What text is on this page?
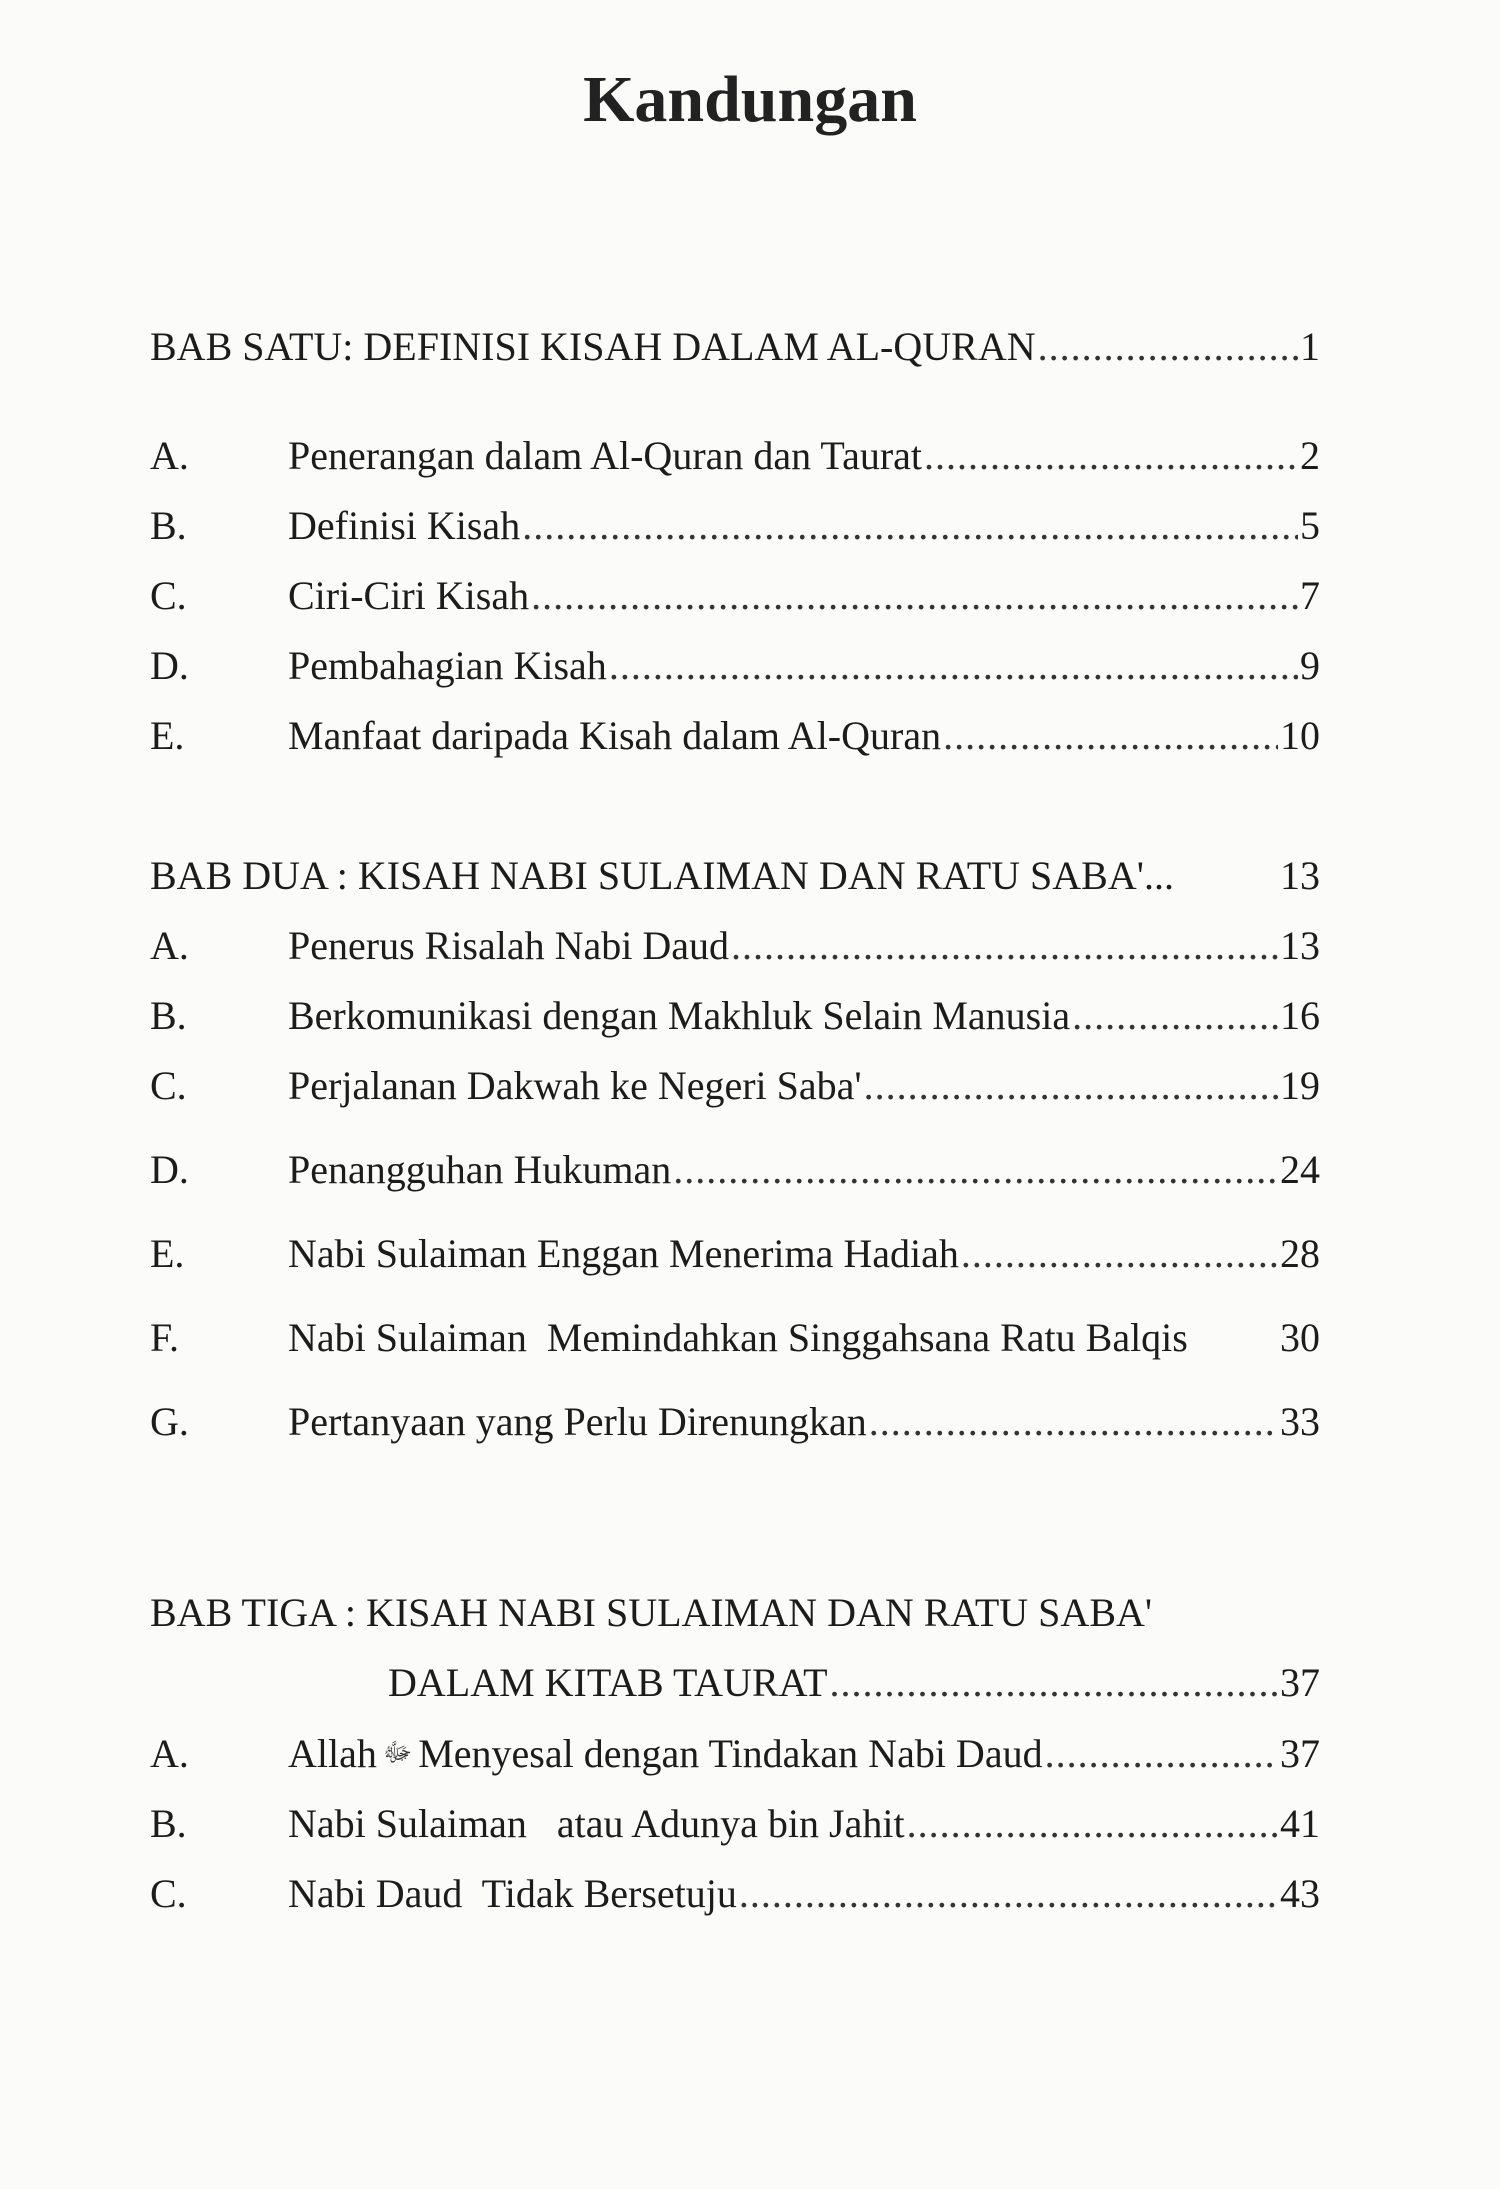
Kandungan
BAB SATU: DEFINISI KISAH DALAM AL-QURAN .....	1
A.	Penerangan dalam Al-Quran dan Taurat .....	2
B.	Definisi Kisah .....	5
C.	Ciri-Ciri Kisah .....	7
D.	Pembahagian Kisah .....	9
E.	Manfaat daripada Kisah dalam Al-Quran .....	10
BAB DUA : KISAH NABI SULAIMAN DAN RATU SABA'...	13
A.	Penerus Risalah Nabi Daud .....	13
B.	Berkomunikasi dengan Makhluk Selain Manusia .....	16
C.	Perjalanan Dakwah ke Negeri Saba' .....	19
D.	Penangguhan Hukuman .....	24
E.	Nabi Sulaiman Enggan Menerima Hadiah .....	28
F.	Nabi Sulaiman  Memindahkan Singgahsana Ratu Balqis	30
G.	Pertanyaan yang Perlu Direnungkan .....	33
BAB TIGA : KISAH NABI SULAIMAN DAN RATU SABA'
DALAM KITAB TAURAT .....	37
A.	Allah ﷻ Menyesal dengan Tindakan Nabi Daud .....	37
B.	Nabi Sulaiman   atau Adunya bin Jahit .....	41
C.	Nabi Daud  Tidak Bersetuju .....	43
